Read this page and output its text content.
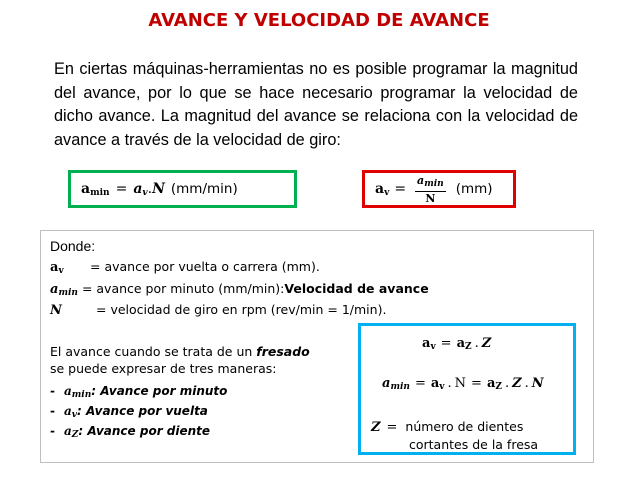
AVANCE Y VELOCIDAD DE AVANCE
En ciertas máquinas-herramientas no es posible programar la magnitud del avance, por lo que se hace necesario programar la velocidad de dicho avance. La magnitud del avance se relaciona con la velocidad de avance a través de la velocidad de giro:
$a_{min} = a_v$ . N (mm/min)	$a_v = \frac{a_{min}}{N} (mm)$
Donde:
$a_v$	= avance por vuelta o carrera (mm).
$a_{min}$ = avance por minuto (mm/min): Velocidad de avance
N	= velocidad de giro en rpm (rev/min = 1/min).
El avance cuando se trata de un fresado
se puede expresar de tres maneras:
- $a_{min}$ : Avance por minuto
- $a_v$ : Avance por vuelta
- $a_Z$ : Avance por diente
$a_v = a_Z$ . Z
$a_{min} = a_v$ . $N = a_Z$ . Z . N
Z = número de dientes
cortantes de la fresa
